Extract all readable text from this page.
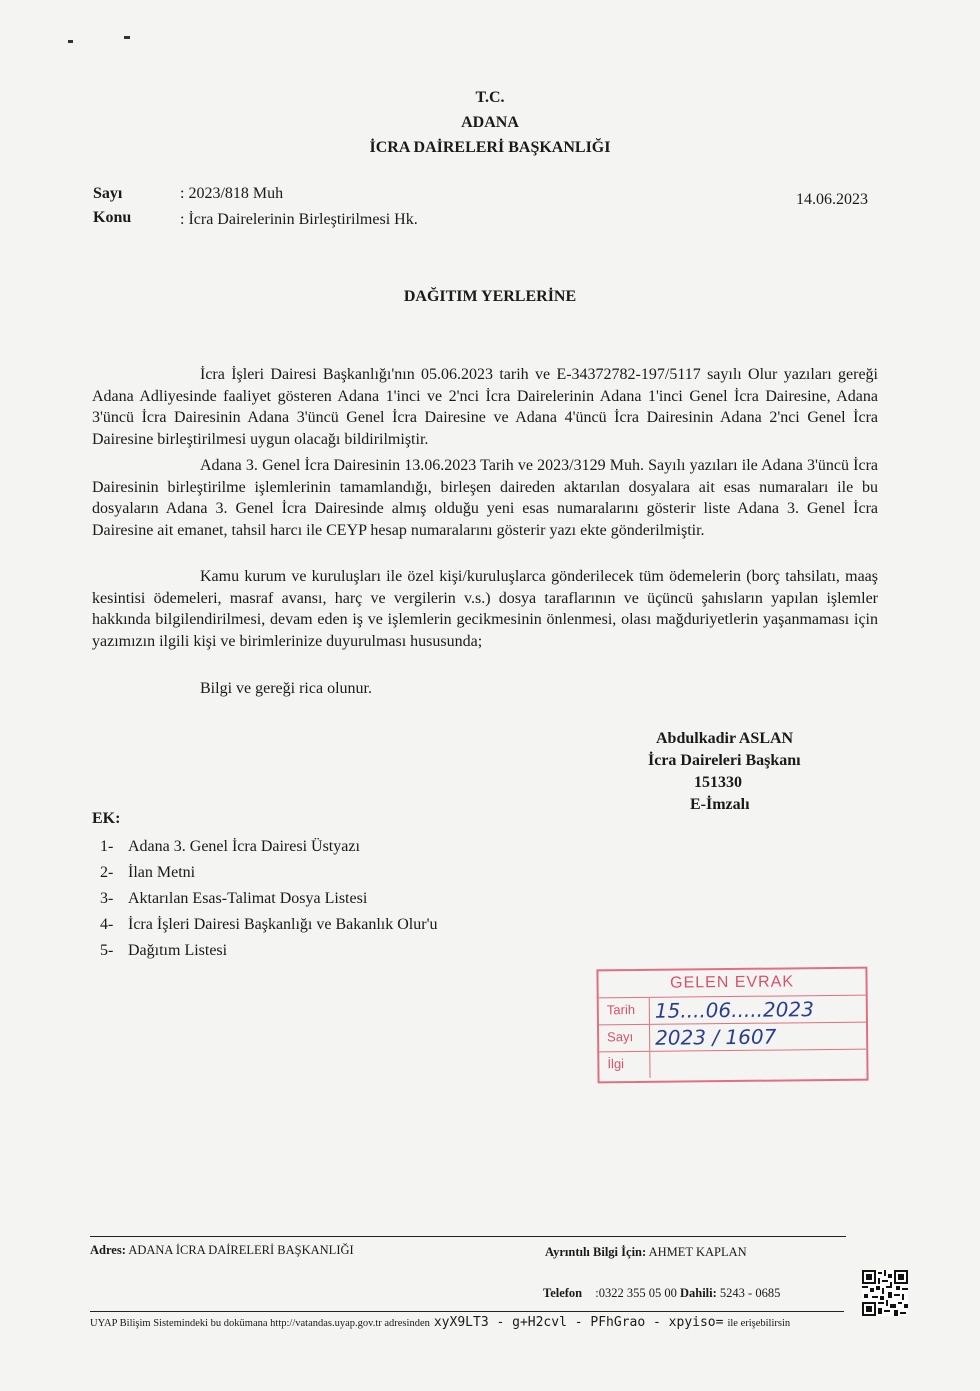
T.C.
ADANA
İCRA DAİRELERİ BAŞKANLIĞI
Sayı	: 2023/818 Muh
Konu	: İcra Dairelerinin Birleştirilmesi Hk.
14.06.2023
DAĞITIM YERLERİNE

İcra İşleri Dairesi Başkanlığı'nın 05.06.2023 tarih ve E-34372782-197/5117 sayılı Olur yazıları gereği Adana Adliyesinde faaliyet gösteren Adana 1'inci ve 2'nci İcra Dairelerinin Adana 1'inci Genel İcra Dairesine, Adana 3'üncü İcra Dairesinin Adana 3'üncü Genel İcra Dairesine ve Adana 4'üncü İcra Dairesinin Adana 2'nci Genel İcra Dairesine birleştirilmesi uygun olacağı bildirilmiştir.

Adana 3. Genel İcra Dairesinin 13.06.2023 Tarih ve 2023/3129 Muh. Sayılı yazıları ile Adana 3'üncü İcra Dairesinin birleştirilme işlemlerinin tamamlandığı, birleşen daireden aktarılan dosyalara ait esas numaraları ile bu dosyaların Adana 3. Genel İcra Dairesinde almış olduğu yeni esas numaralarını gösterir liste Adana 3. Genel İcra Dairesine ait emanet, tahsil harcı ile CEYP hesap numaralarını gösterir yazı ekte gönderilmiştir.

Kamu kurum ve kuruluşları ile özel kişi/kuruluşlarca gönderilecek tüm ödemelerin (borç tahsilatı, maaş kesintisi ödemeleri, masraf avansı, harç ve vergilerin v.s.) dosya taraflarının ve üçüncü şahısların yapılan işlemler hakkında bilgilendirilmesi, devam eden iş ve işlemlerin gecikmesinin önlenmesi, olası mağduriyetlerin yaşanmaması için yazımızın ilgili kişi ve birimlerinize duyurulması hususunda;

Bilgi ve gereği rica olunur.

Abdulkadir ASLAN
İcra Daireleri Başkanı
151330
E-İmzalı
EK:
1- Adana 3. Genel İcra Dairesi Üstyazı
2- İlan Metni
3- Aktarılan Esas-Talimat Dosya Listesi
4- İcra İşleri Dairesi Başkanlığı ve Bakanlık Olur'u
5- Dağıtım Listesi
GELEN EVRAK
Tarih 15....06.....2023
Sayı	2023 / 1607
İlgi
Adres: ADANA İCRA DAİRELERİ BAŞKANLIĞI	Ayrıntılı Bilgi İçin: AHMET KAPLAN
Telefon :0322 355 05 00 Dahili: 5243 - 0685
UYAP Bilişim Sistemindeki bu dokümana http://vatandas.uyap.gov.tr adresinden xyX9LT3 - g+H2cvl - PFhGrao - xpyiso= ile erişebilirsin
